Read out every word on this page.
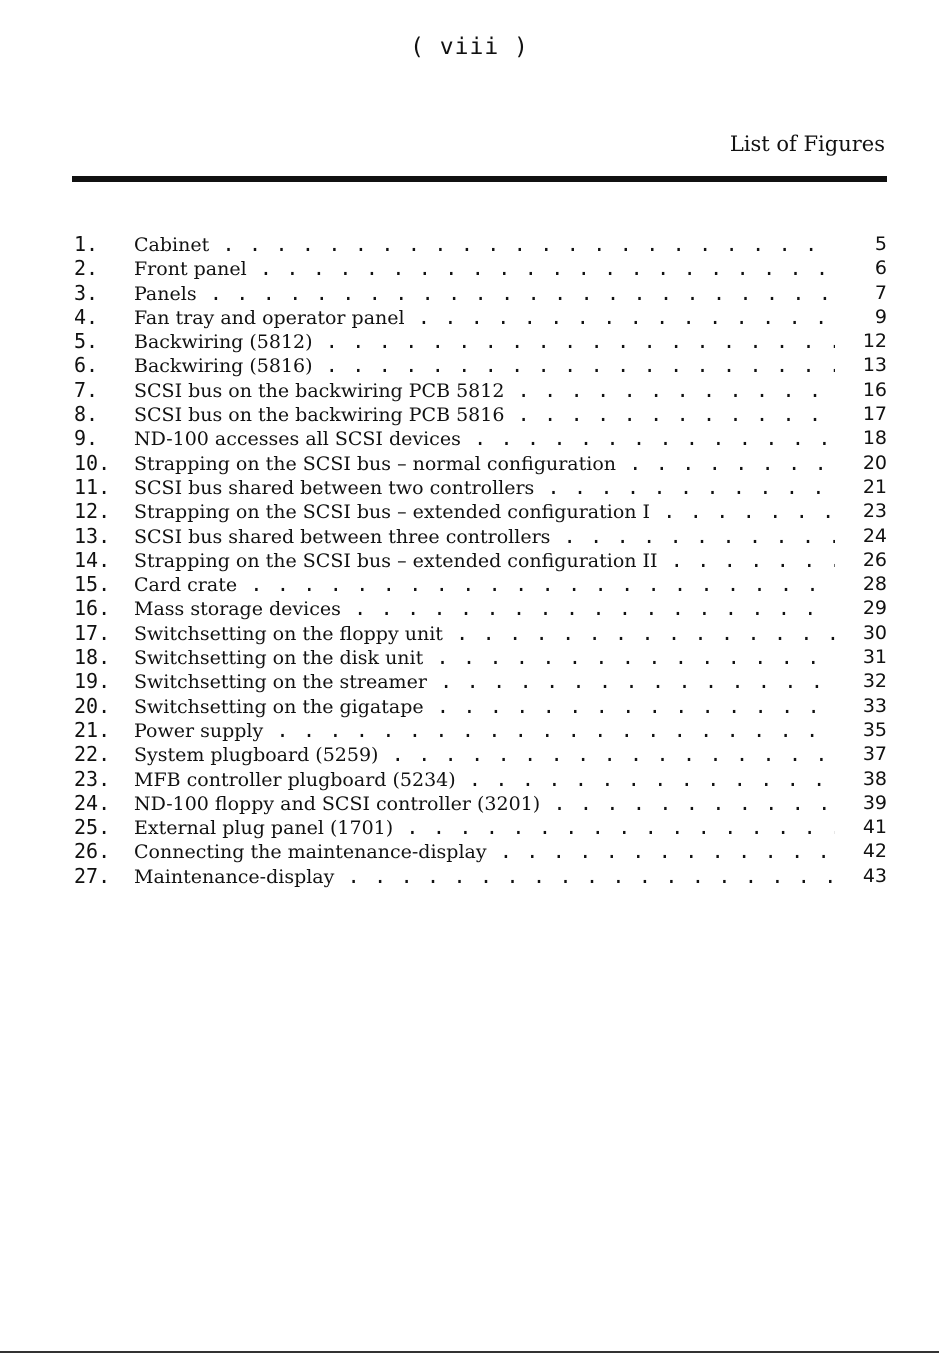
( viii )
List of Figures
1. Cabinet . . .	5
2. Front panel . . .	6
3. Panels . . .	7
4. Fan tray and operator panel . . .	9
5. Backwiring (5812) . . .	12
6. Backwiring (5816) . . .	13
7. SCSI bus on the backwiring PCB 5812 . . .	16
8. SCSI bus on the backwiring PCB 5816 . . .	17
9. ND-100 accesses all SCSI devices . . .	18
10. Strapping on the SCSI bus – normal configuration . . .	20
11. SCSI bus shared between two controllers . . .	21
12. Strapping on the SCSI bus – extended configuration I . . .	23
13. SCSI bus shared between three controllers . . .	24
14. Strapping on the SCSI bus – extended configuration II . . .	26
15. Card crate . . .	28
16. Mass storage devices . . .	29
17. Switchsetting on the floppy unit . . .	30
18. Switchsetting on the disk unit . . .	31
19. Switchsetting on the streamer . . .	32
20. Switchsetting on the gigatape . . .	33
21. Power supply . . .	35
22. System plugboard (5259) . . .	37
23. MFB controller plugboard (5234) . . .	38
24. ND-100 floppy and SCSI controller (3201) . . .	39
25. External plug panel (1701) . . .	41
26. Connecting the maintenance-display . . .	42
27. Maintenance-display . . .	43
